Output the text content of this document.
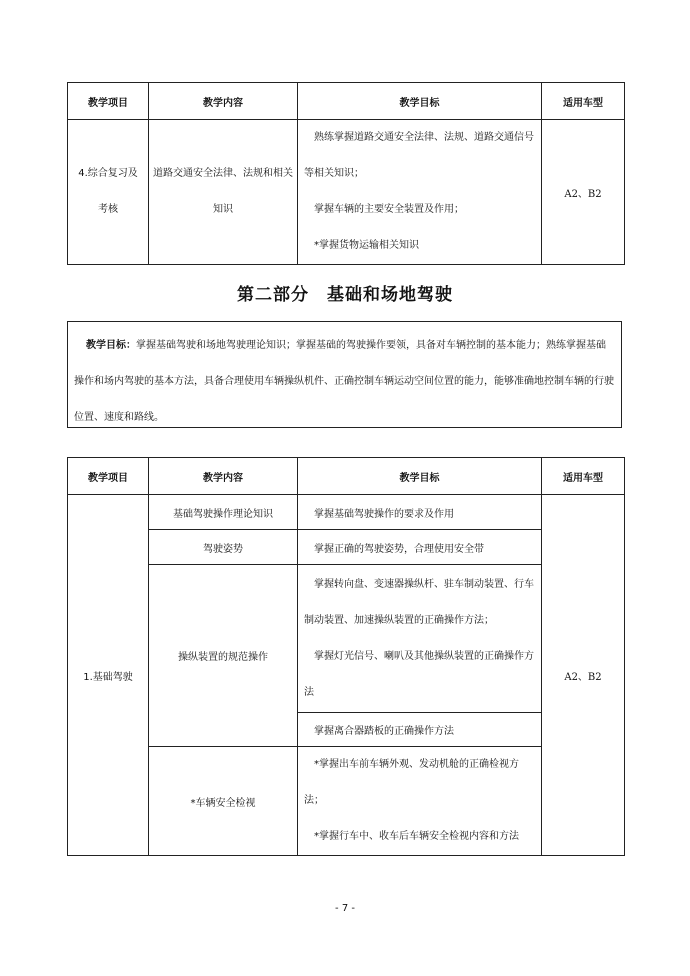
教学项目	教学内容	教学目标	适用车型
4.综合复习及考核	道路交通安全法律、法规和相关知识	熟练掌握道路交通安全法律、法规、道路交通信号等相关知识；

掌握车辆的主要安全装置及作用；

*掌握货物运输相关知识	A2、B2
第二部分 基础和场地驾驶

教学目标：掌握基础驾驶和场地驾驶理论知识；掌握基础的驾驶操作要领，具备对车辆控制的基本能力；熟练掌握基础操作和场内驾驶的基本方法，具备合理使用车辆操纵机件、正确控制车辆运动空间位置的能力，能够准确地控制车辆的行驶位置、速度和路线。

教学项目	教学内容	教学目标	适用车型
1.基础驾驶	基础驾驶操作理论知识	掌握基础驾驶操作的要求及作用	A2、B2
	驾驶姿势	掌握正确的驾驶姿势，合理使用安全带	
	操纵装置的规范操作	掌握转向盘、变速器操纵杆、驻车制动装置、行车制动装置、加速操纵装置的正确操作方法；

掌握灯光信号、喇叭及其他操纵装置的正确操作方法	

		掌握离合器踏板的正确操作方法	
	*车辆安全检视	*掌握出车前车辆外观、发动机舱的正确检视方法；

*掌握行车中、收车后车辆安全检视内容和方法	

- 7 -
